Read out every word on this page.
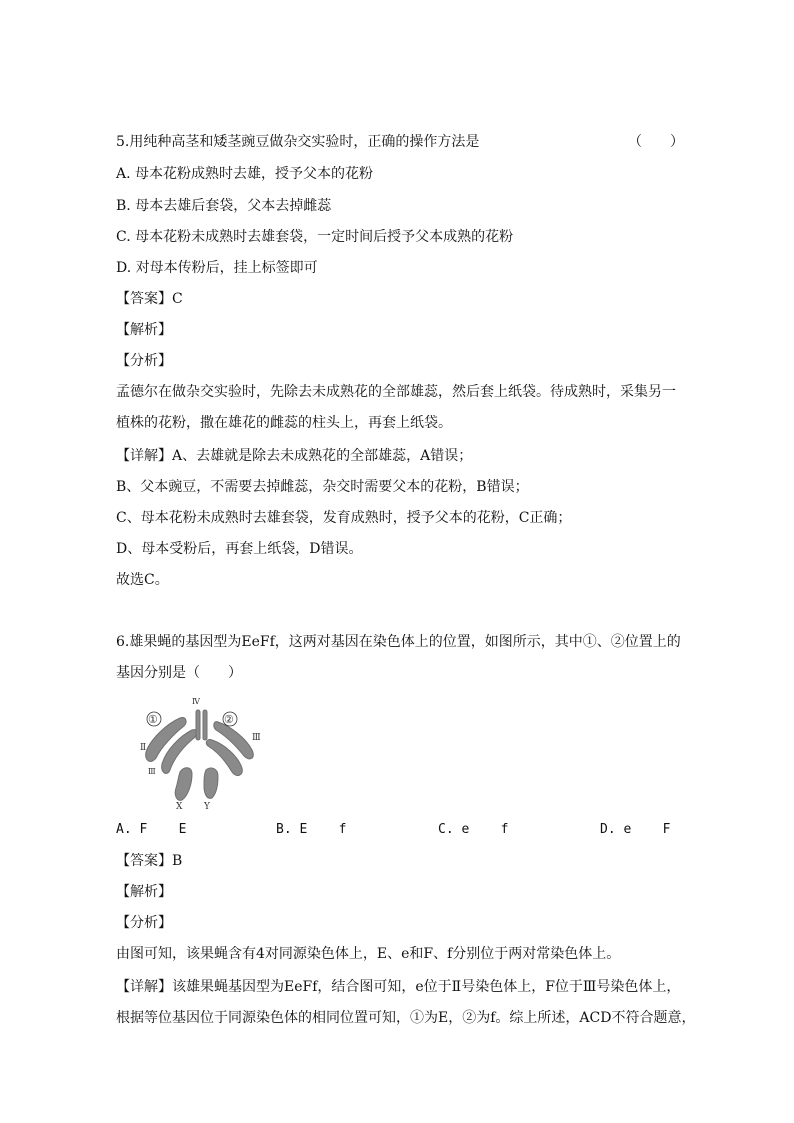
5.用纯种高茎和矮茎豌豆做杂交实验时，正确的操作方法是	（　　）
A. 母本花粉成熟时去雄，授予父本的花粉
B. 母本去雄后套袋，父本去掉雌蕊
C. 母本花粉未成熟时去雄套袋，一定时间后授予父本成熟的花粉
D. 对母本传粉后，挂上标签即可
【答案】C
【解析】
【分析】
孟德尔在做杂交实验时，先除去未成熟花的全部雄蕊，然后套上纸袋。待成熟时，采集另一
植株的花粉，撒在雄花的雌蕊的柱头上，再套上纸袋。
【详解】A、去雄就是除去未成熟花的全部雄蕊，A错误；
B、父本豌豆，不需要去掉雌蕊，杂交时需要父本的花粉，B错误；
C、母本花粉未成熟时去雄套袋，发育成熟时，授予父本的花粉，C正确；
D、母本受粉后，再套上纸袋，D错误。
故选C。
6.雄果蝇的基因型为EeFf，这两对基因在染色体上的位置，如图所示，其中①、②位置上的
基因分别是（　　）
①	②
Ⅱ
Ⅲ
Ⅳ
Ⅲ
X Y
A. F    E	B. E    f	C. e    f	D. e    F
【答案】B
【解析】
【分析】
由图可知，该果蝇含有4对同源染色体上，E、e和F、f分别位于两对常染色体上。
【详解】该雄果蝇基因型为EeFf，结合图可知，e位于Ⅱ号染色体上，F位于Ⅲ号染色体上，
根据等位基因位于同源染色体的相同位置可知，①为E，②为f。综上所述，ACD不符合题意，
